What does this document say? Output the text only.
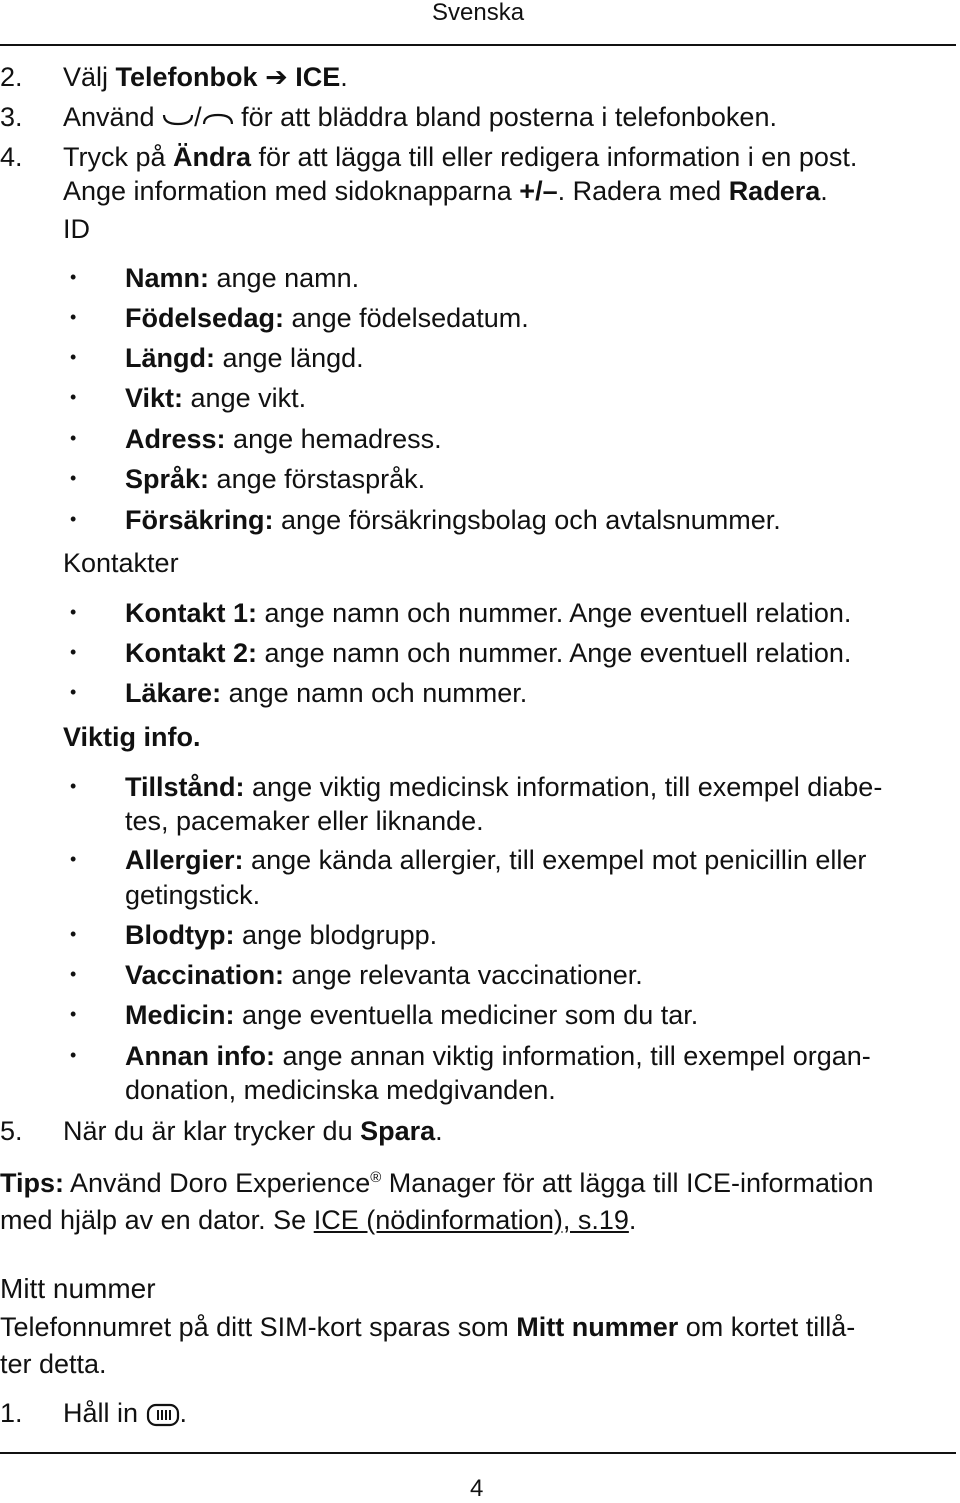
Svenska
2. Välj Telefonbok ➔ ICE.
3. Använd / för att bläddra bland posterna i telefonboken.
4. Tryck på Ändra för att lägga till eller redigera information i en post.
Ange information med sidoknapparna +/–. Radera med Radera.
ID
• Namn: ange namn.
• Födelsedag: ange födelsedatum.
• Längd: ange längd.
• Vikt: ange vikt.
• Adress: ange hemadress.
• Språk: ange förstaspråk.
• Försäkring: ange försäkringsbolag och avtalsnummer.
Kontakter
• Kontakt 1: ange namn och nummer. Ange eventuell relation.
• Kontakt 2: ange namn och nummer. Ange eventuell relation.
• Läkare: ange namn och nummer.
Viktig info.
• Tillstånd: ange viktig medicinsk information, till exempel diabe-
tes, pacemaker eller liknande.
• Allergier: ange kända allergier, till exempel mot penicillin eller
getingstick.
• Blodtyp: ange blodgrupp.
• Vaccination: ange relevanta vaccinationer.
• Medicin: ange eventuella mediciner som du tar.
• Annan info: ange annan viktig information, till exempel organ-
donation, medicinska medgivanden.
5. När du är klar trycker du Spara.
Tips: Använd Doro Experience® Manager för att lägga till ICE-information
med hjälp av en dator. Se ICE (nödinformation), s.19.
Mitt nummer
Telefonnumret på ditt SIM-kort sparas som Mitt nummer om kortet tillå-
ter detta.
1. Håll in .
4
